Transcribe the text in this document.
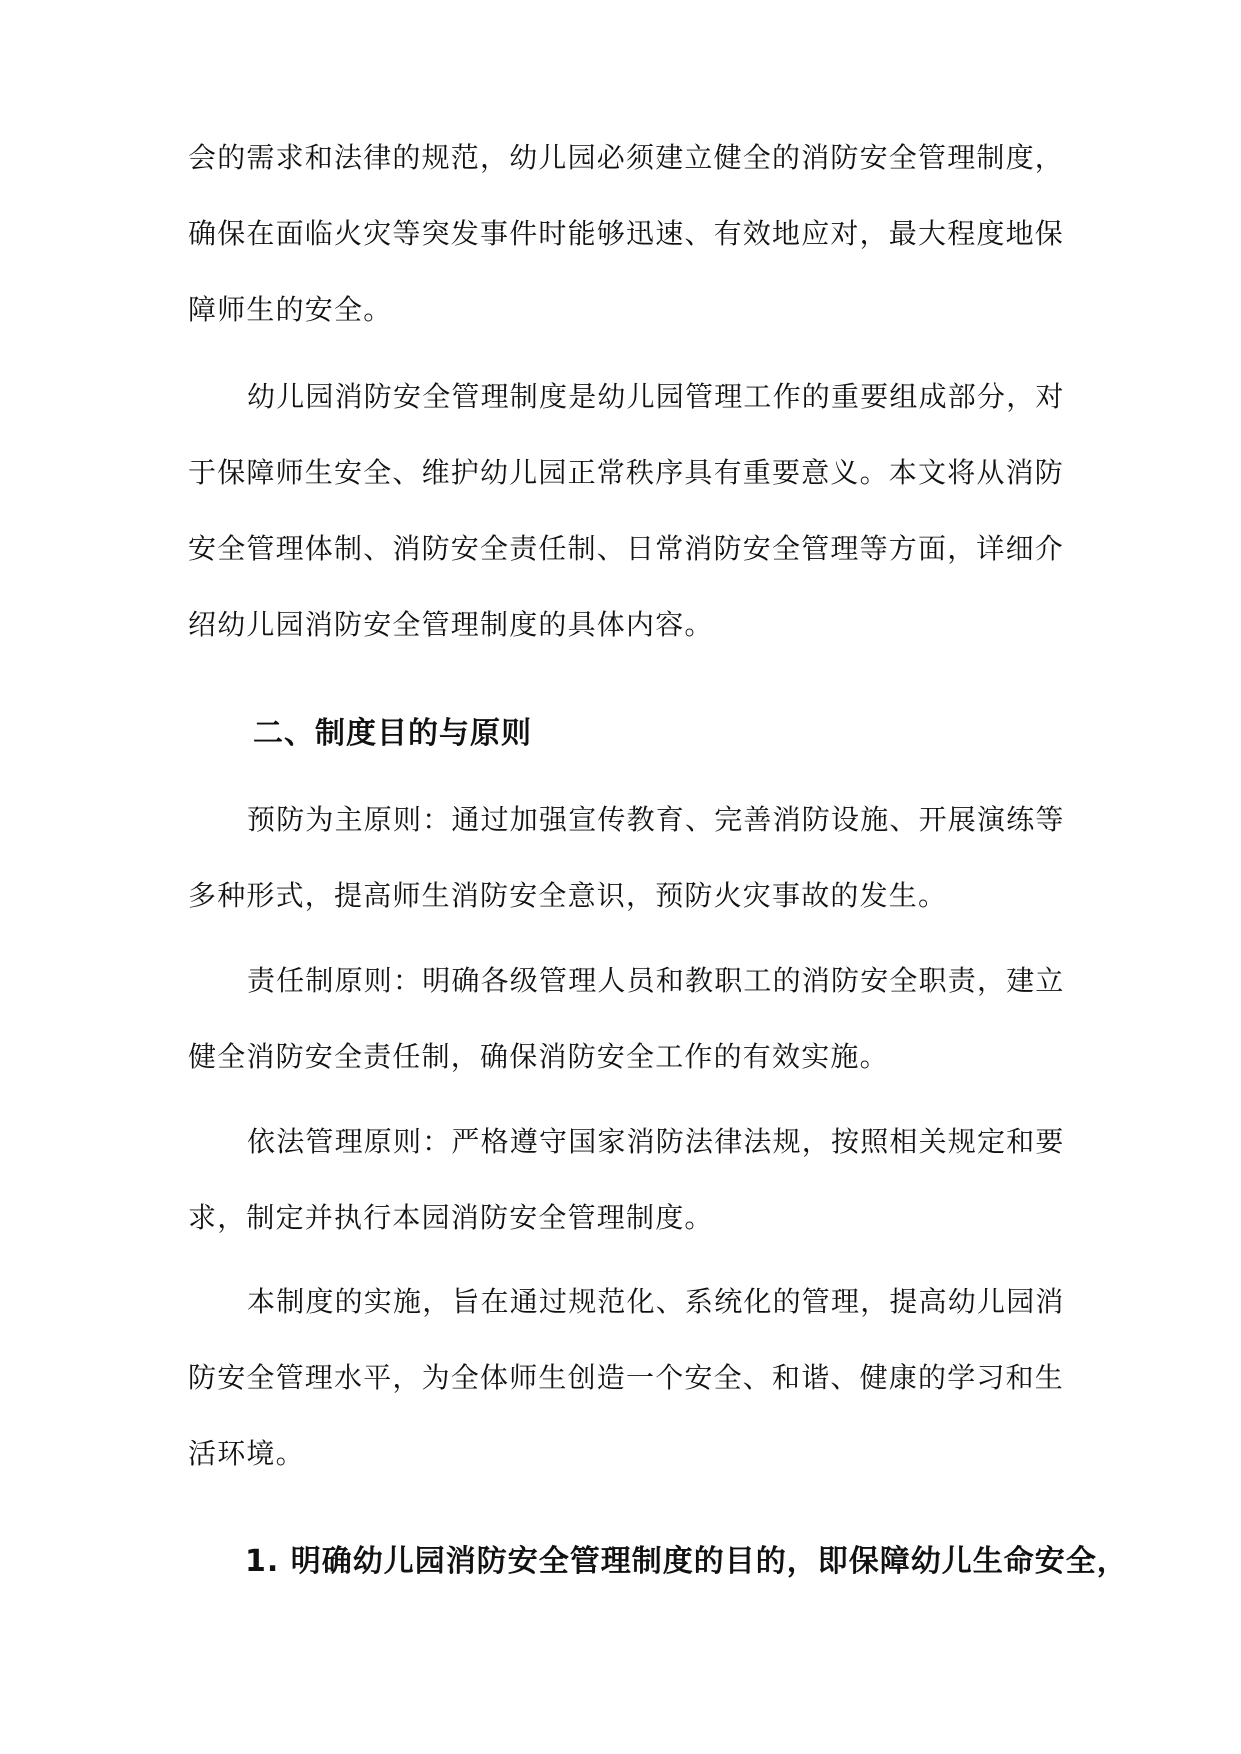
会的需求和法律的规范，幼儿园必须建立健全的消防安全管理制度，
确保在面临火灾等突发事件时能够迅速、有效地应对，最大程度地保
障师生的安全。
幼儿园消防安全管理制度是幼儿园管理工作的重要组成部分，对
于保障师生安全、维护幼儿园正常秩序具有重要意义。本文将从消防
安全管理体制、消防安全责任制、日常消防安全管理等方面，详细介
绍幼儿园消防安全管理制度的具体内容。
二、制度目的与原则
预防为主原则：通过加强宣传教育、完善消防设施、开展演练等
多种形式，提高师生消防安全意识，预防火灾事故的发生。
责任制原则：明确各级管理人员和教职工的消防安全职责，建立
健全消防安全责任制，确保消防安全工作的有效实施。
依法管理原则：严格遵守国家消防法律法规，按照相关规定和要
求，制定并执行本园消防安全管理制度。
本制度的实施，旨在通过规范化、系统化的管理，提高幼儿园消
防安全管理水平，为全体师生创造一个安全、和谐、健康的学习和生
活环境。
1. 明确幼儿园消防安全管理制度的目的，即保障幼儿生命安全，
